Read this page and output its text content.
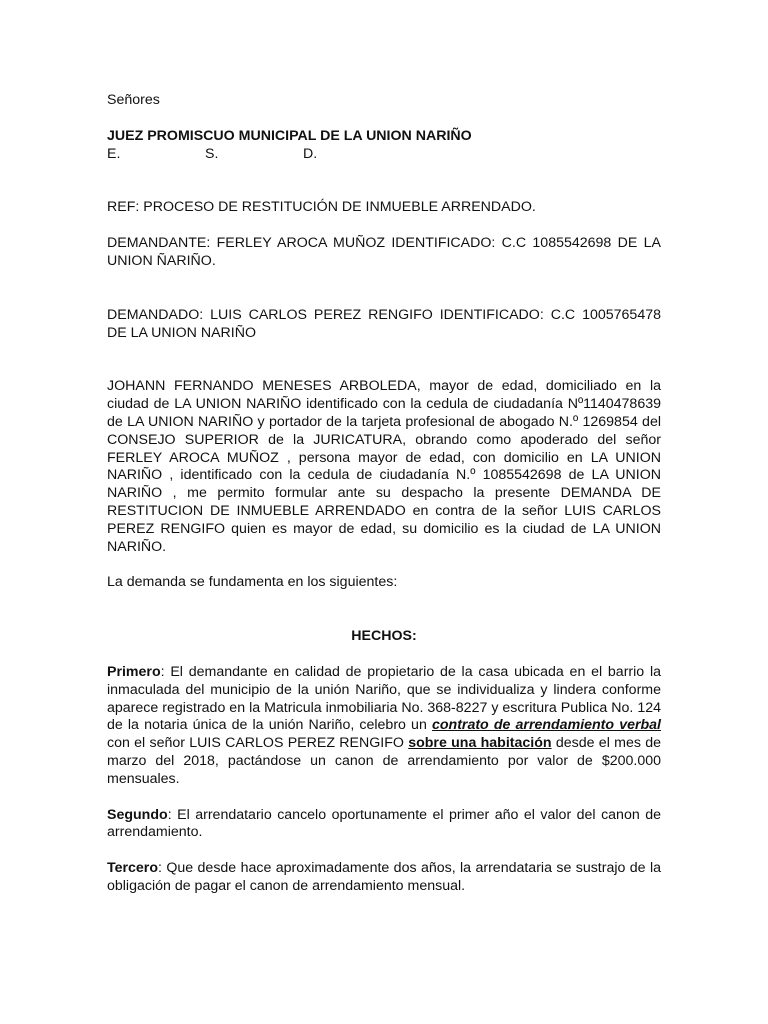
Señores

JUEZ PROMISCUO MUNICIPAL DE LA UNION NARIÑO

E.	S.	D.

REF: PROCESO DE RESTITUCIÓN DE INMUEBLE ARRENDADO.

DEMANDANTE: FERLEY AROCA MUÑOZ IDENTIFICADO: C.C 1085542698 DE LA UNION ÑARIÑO.

DEMANDADO: LUIS CARLOS PEREZ RENGIFO IDENTIFICADO: C.C 1005765478 DE LA UNION NARIÑO

JOHANN FERNANDO MENESES ARBOLEDA, mayor de edad, domiciliado en la ciudad de LA UNION NARIÑO identificado con la cedula de ciudadanía Nº1140478639 de LA UNION NARIÑO y portador de la tarjeta profesional de abogado N.º 1269854 del CONSEJO SUPERIOR de la JURICATURA, obrando como apoderado del señor FERLEY AROCA MUÑOZ , persona mayor de edad, con domicilio en LA UNION NARIÑO , identificado con la cedula de ciudadanía N.º 1085542698 de LA UNION NARIÑO , me permito formular ante su despacho la presente DEMANDA DE RESTITUCION DE INMUEBLE ARRENDADO en contra de la señor LUIS CARLOS PEREZ RENGIFO quien es mayor de edad, su domicilio es la ciudad de LA UNION NARIÑO.

La demanda se fundamenta en los siguientes:

HECHOS:

Primero: El demandante en calidad de propietario de la casa ubicada en el barrio la inmaculada del municipio de la unión Nariño, que se individualiza y lindera conforme aparece registrado en la Matricula inmobiliaria No. 368-8227 y escritura Publica No. 124 de la notaria única de la unión Nariño, celebro un contrato de arrendamiento verbal con el señor LUIS CARLOS PEREZ RENGIFO sobre una habitación desde el mes de marzo del 2018, pactándose un canon de arrendamiento por valor de $200.000 mensuales.

Segundo: El arrendatario cancelo oportunamente el primer año el valor del canon de arrendamiento.

Tercero: Que desde hace aproximadamente dos años, la arrendataria se sustrajo de la obligación de pagar el canon de arrendamiento mensual.
